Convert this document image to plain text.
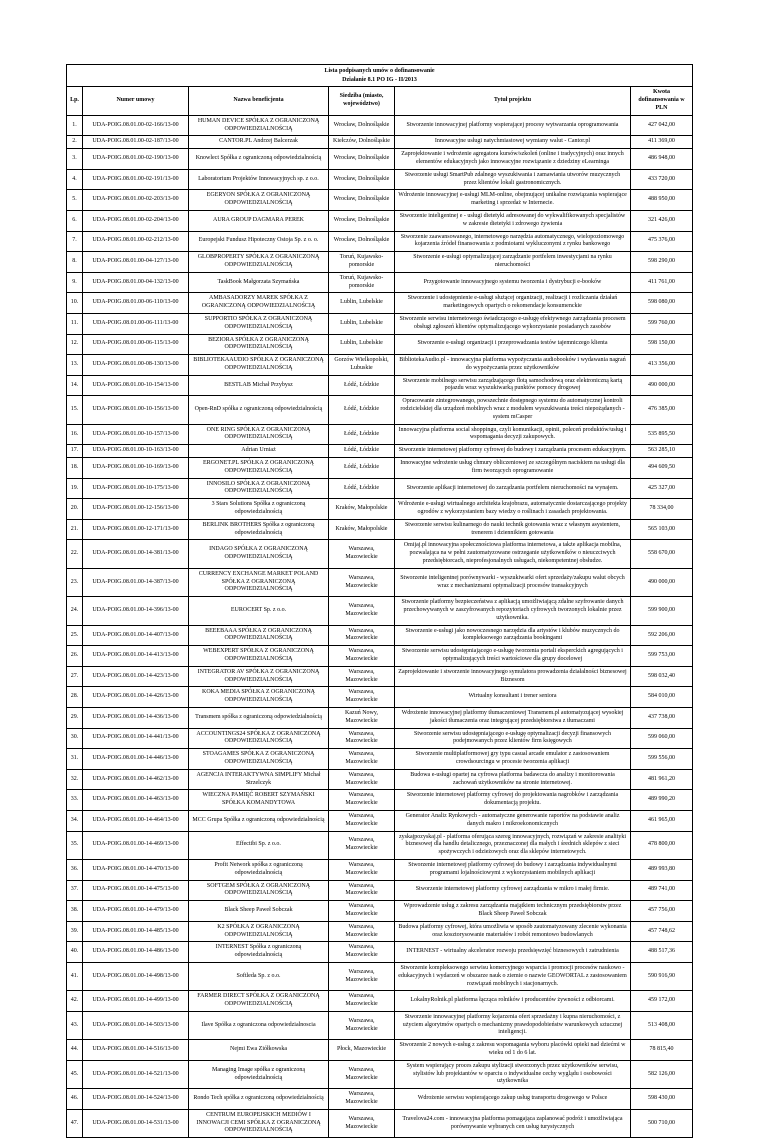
Lista podpisanych umów o dofinansowanie
Działanie 8.1 PO IG - II/2013					

Lp.	Numer umowy	Nazwa beneficjenta	Siedziba (miasto, województwo)	Tytuł projektu	Kwota dofinansowania w PLN
1.	UDA-POIG.08.01.00-02-166/13-00	HUMAN DEVICE SPÓŁKA Z OGRANICZONĄ ODPOWIEDZIALNOŚCIĄ	Wrocław, Dolnośląskie	Stworzenie innowacyjnej platformy wspierającej procesy wytwarzania oprogramowania	427 042,00
2.	UDA-POIG.08.01.00-02-187/13-00	CANTOR.PL Andrzej Balcerzak	Kiełczów, Dolnośląskie	Innowacyjne usługi natychmiastowej wymiany walut - Cantor.pl	411 369,00
3.	UDA-POIG.08.01.00-02-190/13-00	Knowlect Spółka z ograniczoną odpowiedzialnością	Wrocław, Dolnośląskie	Zaprojektowanie i wdrożenie agregatora kursów/szkoleń (online i tradycyjnych) oraz innych elementów edukacyjnych jako innowacyjne rozwiązanie z dziedziny eLearninga	486 948,00
4.	UDA-POIG.08.01.00-02-191/13-00	Laboratorium Projektów Innowacyjnych sp. z o.o.	Wrocław, Dolnośląskie	Stworzenie usługi SmartPub zdalnego wyszukiwania i zamawiania utworów muzycznych przez klientów lokali gastronomicznych.	433 720,00
5.	UDA-POIG.08.01.00-02-203/13-00	EGERYON SPÓŁKA Z OGRANICZONĄ ODPOWIEDZIALNOŚCIĄ	Wrocław, Dolnośląskie	Wdrożenie innowacyjnej e-usługi MLM-online, obejmującej unikalne rozwiązania wspierające marketing i sprzedaż w Internecie.	488 950,00
6.	UDA-POIG.08.01.00-02-204/13-00	AURA GROUP DAGMARA PEREK	Wrocław, Dolnośląskie	Stworzenie inteligentnej e - usługi dietetyki adresowanej do wykwalifikowanych specjalistów w zakresie dietetyki i zdrowego żywienia	321 426,00
7.	UDA-POIG.08.01.00-02-212/13-00	Europejski Fundusz Hipoteczny Ostoja Sp. z o. o.	Wrocław, Dolnośląskie	Stworzenie zaawansowanego, internetowego narzędzia automatycznego, wielopoziomowego kojarzenia źródeł finansowania z podmiotami wykluczonymi z rynku bankowego	475 376,00
8.	UDA-POIG.08.01.00-04-127/13-00	GLOBPROPERTY SPÓŁKA Z OGRANICZONĄ ODPOWIEDZIALNOŚCIĄ	Toruń, Kujawsko-pomorskie	Stworzenie e-usługi optymalizującej zarządzanie portfelem inwestycjami na rynku nieruchomości	598 290,00
9.	UDA-POIG.08.01.00-04-132/13-00	TaskBook Małgorzata Szymańska	Toruń, Kujawsko-pomorskie	Przygotowanie innowacyjnego systemu tworzenia i dystrybucji e-booków	411 761,00
10.	UDA-POIG.08.01.00-06-110/13-00	AMBASADORZY MAREK SPÓŁKA Z OGRANICZONĄ ODPOWIEDZIALNOŚCIĄ	Lublin, Lubelskie	Stworzenie i udostępnienie e-usługi służącej organizacji, realizacji i rozliczania działań marketingowych opartych o rekomendacje konsumenckie	598 080,00
11.	UDA-POIG.08.01.00-06-111/13-00	SUPPORTIO SPÓŁKA Z OGRANICZONĄ ODPOWIEDZIALNOŚCIĄ	Lublin, Lubelskie	Stworzenie serwisu internetowego świadczącego e-usługę efektywnego zarządzania procesem obsługi zgłoszeń klientów optymalizującego wykorzystanie posiadanych zasobów	599 760,00
12.	UDA-POIG.08.01.00-06-115/13-00	BEZIORA SPÓŁKA Z OGRANICZONĄ ODPOWIEDZIALNOŚCIĄ	Lublin, Lubelskie	Stworzenie e-usługi organizacji i przeprowadzania testów tajemniczego klienta	598 150,00
13.	UDA-POIG.08.01.00-08-130/13-00	BIBLIOTEKAAUDIO SPÓŁKA Z OGRANICZONĄ ODPOWIEDZIALNOŚCIĄ	Gorzów Wielkopolski, Lubuskie	BibliotekaAudio.pl - innowacyjna platforma wypożyczania audiobooków i wydawania nagrań do wypożyczania przez użytkowników	413 356,00
14.	UDA-POIG.08.01.00-10-154/13-00	BESTLAB Michał Przybysz	Łódź, Łódzkie	Stworzenie mobilnego serwisu zarządzającego flotą samochodową oraz elektroniczną kartą pojazdu wraz wyszukiwarką punktów pomocy drogowej	490 000,00
15.	UDA-POIG.08.01.00-10-156/13-00	Open-RnD spółka z ograniczoną odpowiedzialnością	Łódź, Łódzkie	Opracowanie zintegrowanego, powszechnie dostępnego systemu do automatycznej kontroli rodzicielskiej dla urządzeń mobilnych wraz z modułem wyszukiwania treści niepożądanych - system mCasper	476 385,00
16.	UDA-POIG.08.01.00-10-157/13-00	ONE RING SPÓŁKA Z OGRANICZONĄ ODPOWIEDZIALNOŚCIĄ	Łódź, Łódzkie	Innowacyjna platforma social shoppingu, czyli komunikacji, opinii, poleceń produktów/usług i wspomagania decyzji zakupowych.	535 895,50
17.	UDA-POIG.08.01.00-10-163/13-00	Adrian Urniaż	Łódź, Łódzkie	Stworzenie internetowej platformy cyfrowej do budowy i zarządzania procesem edukacyjnym.	563 285,10
18.	UDA-POIG.08.01.00-10-169/13-00	ERGONET.PL SPÓŁKA Z OGRANICZONĄ ODPOWIEDZIALNOŚCIĄ	Łódź, Łódzkie	Innowacyjne wdrożenie usług chmury obliczeniowej ze szczególnym naciskiem na usługi dla firm tworzących oprogramowanie	494 609,50
19.	UDA-POIG.08.01.00-10-175/13-00	INNOSILO SPÓŁKA Z OGRANICZONĄ ODPOWIEDZIALNOŚCIĄ	Łódź, Łódzkie	Stworzenie aplikacji internetowej do zarządzania portfelem nieruchomości na wynajem.	425 327,00
20.	UDA-POIG.08.01.00-12-156/13-00	3 Stars Solutions Spółka z ograniczoną odpowiedzialnością	Kraków, Małopolskie	Wdrożenie e-usługi wirtualnego architekta krajobrazu, automatycznie dostarczającego projekty ogrodów z wykorzystaniem bazy wiedzy o roślinach i zasadach projektowania.	78 334,00
21.	UDA-POIG.08.01.00-12-171/13-00	BERLINK BROTHERS Spółka z ograniczoną odpowiedzialnością	Kraków, Małopolskie	Stworzenie serwisu kulinarnego do nauki technik gotowania wraz z własnym asystentem, trenerem i dziennikiem gotowania	565 103,00
22.	UDA-POIG.08.01.00-14-381/13-00	INDAGO SPÓŁKA Z OGRANICZONĄ ODPOWIEDZIALNOŚCIĄ	Warszawa, Mazowieckie	Omijaj.pl innowacyjna społecznościowa platforma internetowa, a także aplikacja mobilna, pozwalająca na w pełni zautomatyzowane ostrzeganie użytkowników o nieuczciwych przedsiębiorcach, nieprofesjonalnych usługach, niekompetentnej obsłudze.	558 670,00
23.	UDA-POIG.08.01.00-14-387/13-00	CURRENCY EXCHANGE MARKET POLAND SPÓŁKA Z OGRANICZONĄ ODPOWIEDZIALNOŚCIĄ	Warszawa, Mazowieckie	Stworzenie inteligentnej porównywarki - wyszukiwarki ofert sprzedaży/zakupu walut obcych wraz z mechanizmami optymalizacji procesów transakcyjnych	490 000,00
24.	UDA-POIG.08.01.00-14-396/13-00	EUROCERT Sp. z o.o.	Warszawa, Mazowieckie	Stworzenie platformy bezpieczeństwa z aplikacją umożliwiającą zdalne szyfrowanie danych przechowywanych w zaszyfrowanych repozytoriach cyfrowych tworzonych lokalnie przez użytkownika.	599 900,00
25.	UDA-POIG.08.01.00-14-407/13-00	BEEEBAAA SPÓŁKA Z OGRANICZONĄ ODPOWIEDZIALNOŚCIĄ	Warszawa, Mazowieckie	Stworzenie e-usługi jako nowoczesnego narzędzia dla artystów i klubów muzycznych do kompleksowego zarządzania bookingami	592 206,00
26.	UDA-POIG.08.01.00-14-413/13-00	WEBEXPERT SPÓŁKA Z OGRANICZONĄ ODPOWIEDZIALNOŚCIĄ	Warszawa, Mazowieckie	Stworzenie serwisu udostępniającego e-usługę tworzenia portali eksperckich agregujących i optymalizujących treści wartościowe dla grupy docelowej	599 753,00
27.	UDA-POIG.08.01.00-14-423/13-00	INTEGRATOR AV SPÓŁKA Z OGRANICZONĄ ODPOWIEDZIALNOŚCIĄ	Warszawa, Mazowieckie	Zaprojektowanie i stworzenie innowacyjnego symulatora prowadzenia działalności biznesowej Biznesom	598 032,40
28.	UDA-POIG.08.01.00-14-426/13-00	KOKA MEDIA SPÓŁKA Z OGRANICZONĄ ODPOWIEDZIALNOŚCIĄ	Warszawa, Mazowieckie	Wirtualny konsultant i trener seniora	584 010,00
29.	UDA-POIG.08.01.00-14-436/13-00	Transmem spółka z ograniczoną odpowiedzialnością	Kazuń Nowy, Mazowieckie	Wdrożenie innowacyjnej platformy tłumaczeniowej Transmem.pl automatyzującej wysokiej jakości tłumaczenia oraz integrującej przedsiębiorstwa z tłumaczami	437 738,00
30.	UDA-POIG.08.01.00-14-441/13-00	ACCOUNTINGS24 SPÓŁKA Z OGRANICZONĄ ODPOWIEDZIALNOŚCIĄ	Warszawa, Mazowieckie	Stworzenie serwisu udostępniającego e-usługę optymalizacji decyzji finansowych podejmowanych przez klientów firm księgowych	599 060,00
31.	UDA-POIG.08.01.00-14-446/13-00	STOAGAMES SPÓŁKA Z OGRANICZONĄ ODPOWIEDZIALNOŚCIĄ	Warszawa, Mazowieckie	Stworzenie multiplatformowej gry typu casual arcade emulator z zastosowaniem crowdsourcingu w procesie tworzenia aplikacji	599 556,00
32.	UDA-POIG.08.01.00-14-462/13-00	AGENCJA INTERAKTYWNA SIMPLIFY Michał Strzelczyk	Warszawa, Mazowieckie	Budowa e-usługi opartej na cyfrowa platforma badawcza do analizy i monitorowania zachowań użytkowników na stronie internetowej.	481 961,20
33.	UDA-POIG.08.01.00-14-463/13-00	WIECZNA PAMIĘĆ ROBERT SZYMAŃSKI SPÓŁKA KOMANDYTOWA	Warszawa, Mazowieckie	Stworzenie internetowej platformy cyfrowej do projektowania nagrobków i zarządzania dokumentacją projektu.	489 990,20
34.	UDA-POIG.08.01.00-14-464/13-00	MCC Grupa Spółka z ograniczoną odpowiedzialnością	Warszawa, Mazowieckie	Generator Analiz Rynkowych - automatyczne generowanie raportów na podstawie analiz danych makro i mikroekonomicznych	461 965,00
35.	UDA-POIG.08.01.00-14-469/13-00	Effectibi Sp. z o.o.	Warszawa, Mazowieckie	zyskajpozyskaj.pl - platforma oferująca szereg innowacyjnych, rozwiązań w zakresie analityki biznesowej dla handlu detalicznego, przeznaczonej dla małych i średnich sklepów z sieci spożywczych i odzieżowych oraz dla sklepów internetowych.	478 800,00
36.	UDA-POIG.08.01.00-14-470/13-00	Profit Network spółka z ograniczoną odpowiedzialnością	Warszawa, Mazowieckie	Stworzenie internetowej platformy cyfrowej do budowy i zarządzania indywidualnymi programami lojalnościowymi z wykorzystaniem mobilnych aplikacji	489 993,80
37.	UDA-POIG.08.01.00-14-475/13-00	SOFTGEM SPÓŁKA Z OGRANICZONĄ ODPOWIEDZIALNOŚCIĄ	Warszawa, Mazowieckie	Stworzenie internetowej platformy cyfrowej zarządzania w mikro i małej firmie.	489 741,00
38.	UDA-POIG.08.01.00-14-479/13-00	Black Sheep Paweł Sobczak	Warszawa, Mazowieckie	Wprowadzenie usług z zakresu zarządzania majątkiem technicznym przedsiębiorstw przez Black Sheep Paweł Sobczak	457 756,00
39.	UDA-POIG.08.01.00-14-485/13-00	K2 SPÓŁKA Z OGRANICZONĄ ODPOWIEDZIALNOŚCIĄ	Warszawa, Mazowieckie	Budowa platformy cyfrowej, która umożliwia w sposób zautomatyzowany zlecenie wykonania oraz kosztorysowanie materiałów i robót remontowo budowlanych	457 748,62
40.	UDA-POIG.08.01.00-14-486/13-00	INTERNEST Spółka z ograniczoną odpowiedzialnością	Warszawa, Mazowieckie	INTERNEST - wirtualny akcelerator rozwoju przedsięwzięć biznesowych i zatrudnienia	488 517,36
41.	UDA-POIG.08.01.00-14-498/13-00	Softleda Sp. z o.o.	Warszawa, Mazowieckie	Stworzenie kompleksowego serwisu komercyjnego wsparcia i promocji procesów naukowo - edukacyjnych i wydarzeń w obszarze nauk o ziemie o nazwie GEOWORTAL z zastosowaniem rozwiązań mobilnych i stacjonarnych.	590 916,90
42.	UDA-POIG.08.01.00-14-499/13-00	FARMER DIRECT SPÓŁKA Z OGRANICZONĄ ODPOWIEDZIALNOŚCIĄ	Warszawa, Mazowieckie	LokalnyRolnik.pl platforma łącząca rolników i producentów żywności z odbiorcami.	459 172,00
43.	UDA-POIG.08.01.00-14-503/13-00	Ilave Spółka z ograniczona odpowiedzialnoscia	Warszawa, Mazowieckie	Stworzenie innowacyjnej platformy kojarzenia ofert sprzedażny i kupna nieruchomości, z użyciem algorytmów opartych o mechanizmy prawdopodobieństw warunkowych sztucznej inteligencji.	513 408,00
44.	UDA-POIG.08.01.00-14-516/13-00	Nejmi Ewa Ziółkowska	Płock, Mazowieckie	Stworzenie 2 nowych e-usług z zakresu wspomagania wyboru placówki opieki nad dziećmi w wieku od 1 do 6 lat.	78 815,40
45.	UDA-POIG.08.01.00-14-521/13-00	Managing Image spółka z ograniczoną odpowiedzialnością	Warszawa, Mazowieckie	System wspierający proces zakupu stylizacji stworzonych przez użytkowników serwisu, stylistów lub projektantów w oparciu o indywidualne cechy wyglądu i osobowości użytkownika	582 126,00
46.	UDA-POIG.08.01.00-14-524/13-00	Rondo Tech spółka z ograniczoną odpowiedzialnością	Warszawa, Mazowieckie	Wdrożenie serwisu wspierającego zakup usług transportu drogowego w Polsce	598 430,00
47.	UDA-POIG.08.01.00-14-531/13-00	CENTRUM EUROPEJSKICH MEDIÓW I INNOWACJI CEMI SPÓŁKA Z OGRANICZONĄ ODPOWIEDZIALNOŚCIĄ	Warszawa, Mazowieckie	Travelova24.com - innowacyjna platforma pomagająca zaplanować podróż i umożliwiająca porównywanie wybranych cen usług turystycznych	500 710,00
